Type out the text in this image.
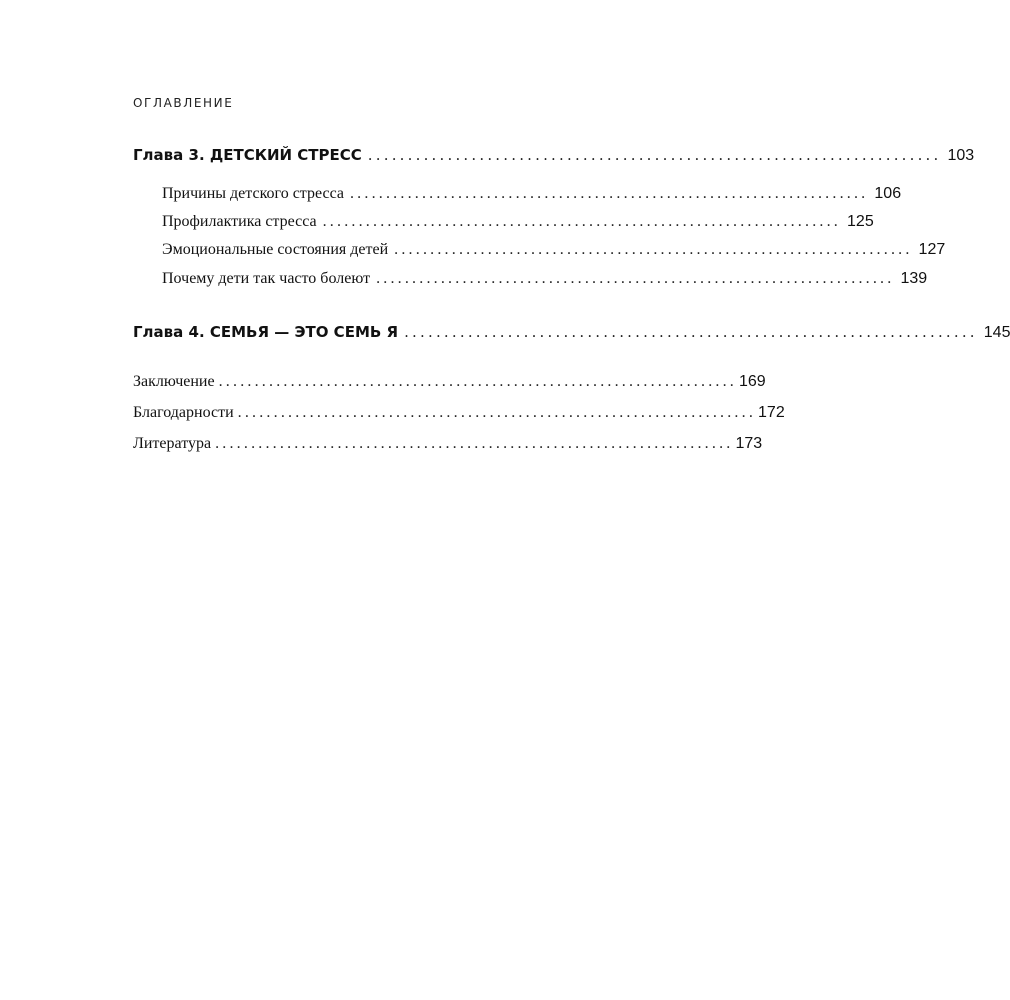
ОГЛАВЛЕНИЕ
Глава 3. ДЕТСКИЙ СТРЕСС ........................................................................ 103
Причины детского стресса ........................................................................ 106
Профилактика стресса ........................................................................ 125
Эмоциональные состояния детей ........................................................................ 127
Почему дети так часто болеют ........................................................................ 139
Глава 4. СЕМЬЯ — ЭТО СЕМЬ Я ........................................................................ 145
Заключение ........................................................................ 169
Благодарности ........................................................................ 172
Литература ........................................................................ 173
